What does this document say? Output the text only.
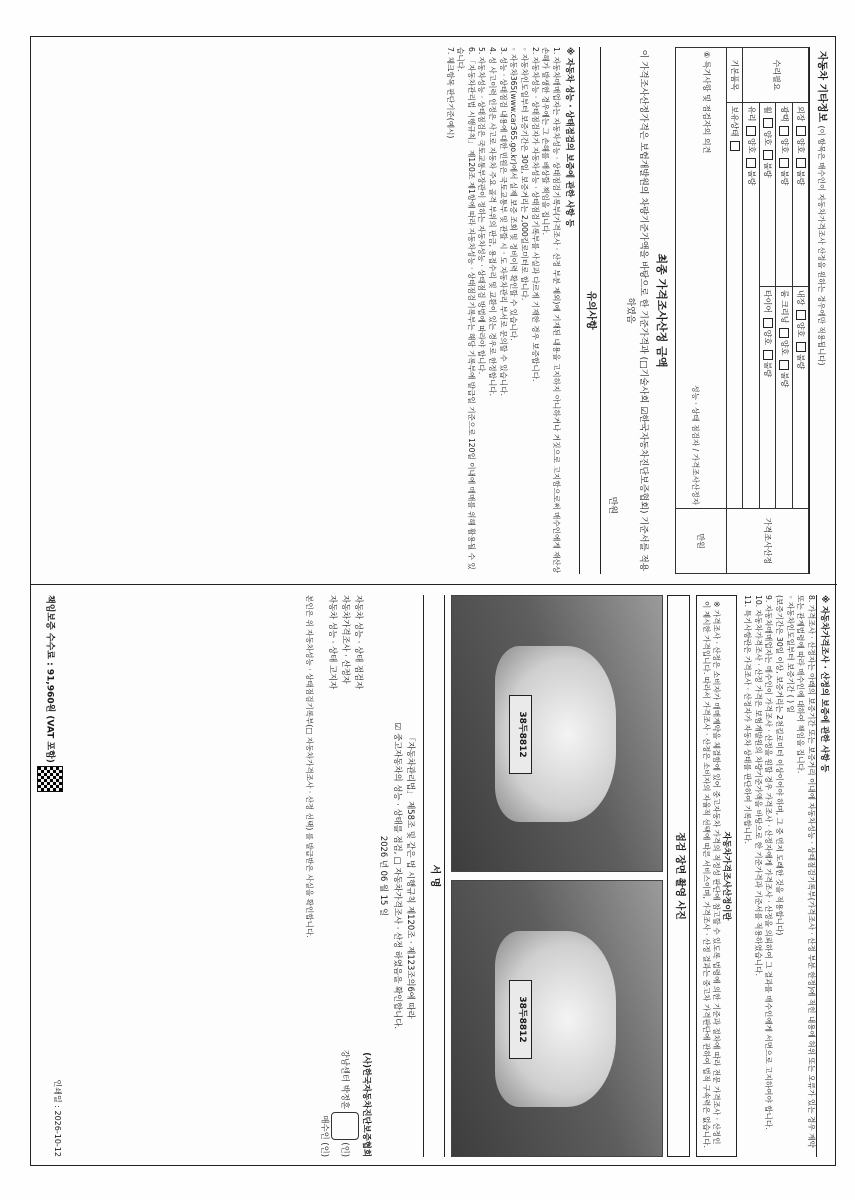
자동차 기타정보 (이 항목은 매수인이 자동차가격조사 산정을 원하는 경우에만 적용됩니다)
수리필요	외장 양호 불량	내장 양호 불량	가격조사산정
	광택 양호 불량	룸 크리닝 양호 불량	
	휠 양호 불량	타이어 양호 불량	
	유리 양호 불량		
기본품목	보유상태		

⑥ 특기사항 및 점검자의 의견
성능 · 상태 점검자 / 가격조사산정자			만원
최종 가격조사산정 금액
이 가격조사산정가격은 보험개발원의 차량기준가액을 바탕으로 한 기준가격과 (□기술사회 ☑한국자동차진단보증협회) 기준서를 적용하였음
만원
유의사항
※ 자동차 성능 · 상태점검의 보증에 관한 사항 등
1. 자동차매매업자는 자동차성능 · 상태점검기록부(가격조사 · 산정 부분 제외)에 기재된 내용을 고지하지 아니하거나 거짓으로 고지함으로써 매수인에게 재산상 손해가 발생한 경우에는 그 손해를 배상할 책임을 집니다.
2. 자동차성능 · 상태점검자가 자동차성능 · 상태점검기록부를 사실과 다르게 기재한 경우 보증합니다.
◦ 자동차인도일부터 보증기간은 30일, 보증거리는 2,000킬로미터로 합니다.
◦ 자동차365(www.car365.go.kr)에서 실제 보증 조회 및 정비이력 확인할 수 있습니다.
3. 성능 · 상태점검 내용에 대한 민원은 국토교통부 및 관할 시 · 도 자동차관리 부서로 문의할 수 있습니다.
4. 성 사고이력 인정은 사고로 자동차 주요 골격 부위의 판금, 용접수리 및 교환이 있는 경우로 한정합니다.
5. 자동차성능 · 상태점검은 국토교통부장관이 정하는 자동차성능 · 상태점검 방법에 따라야 합니다.
6. 「자동차관리법 시행규칙」 제120조 제1항에 따라 자동차성능 · 상태점검기록부는 해당 기록부에 발급일 기준으로 120일 이내에 매매를 위해 활용될 수 있습니다.
7. 체크항목 판단기준(예시)
※ 자동차가격조사 · 산정의 보증에 관한 사항 등
8. 가격조사 · 산정자는 아래의 보증기간 또는 보증거리 이내에 자동차성능 · 상태점검기록부(가격조사 · 산정 부분 한정)에 적힌 내용에 허위 또는 오류가 있는 경우 계약 또는 관계법령에 따라 매수인에 대하여 책임을 집니다.
◦ 자동차인도일부터 보증기간 ( ) 일
(보증기간은 30일 이상, 보증거리는 2천킬로미터 이상이어야 하며, 그 중 먼저 도래한 것을 적용합니다)
9. 자동차매매업자는 매수인이 가격조사 · 산정을 원할 경우 가격조사 · 산정자에게 가격조사 · 산정을 의뢰하여 그 결과를 매수인에게 서면으로 고지하여야 합니다.
10. 자동차가격조사 · 산정 가격은 보험개발원의 차량기준가액을 바탕으로 한 기준가격과 기준서를 적용하였습니다.
11. 특기사항란은 가격조사 · 산정자가 자동차 상태를 판단하여 기록합니다.
자동차가격조사산정이란
※ 가격조사 · 산정은 소비자가 매매계약을 체결함에 있어 중고자동차 가격의 적정성 판단에 참고할 수 있도록 법령에 의한 기준과 절차에 따라 전문 가격조사 · 산정인이 제시한 가격입니다. 따라서 가격조사 · 산정은 소비자의 자율적 선택에 따른 서비스이며, 가격조사 · 산정 결과는 중고차 가격판단에 관하여 법적 구속력은 없습니다.
점검 장면 촬영 사진
38두8812
38두8812
서 명
「자동차관리법」 제58조 및 같은 법 시행규칙 제120조 · 제123조의6에 따라
☑ 중고자동차의 성능 · 상태를 점검, □ 자동차가격조사 · 산정 하였음을 확인합니다.
2026 년 06 월 15 일
자동차 성능 · 상태 점검자
자동차가격조사 · 산정자
자동차 성능 · 상태 고지자
(사)한국자동차진단보증협회
강남센터 박정훈  (인)
매수인 (인)
본인은 위 자동차성능 · 상태점검기록부(□ 자동차가격조사 · 산정 선택) 를 발급받은 사실을 확인합니다.
책임보증 수수료 : 91,960원 (VAT 포함)
인쇄일 : 2026-10-12
